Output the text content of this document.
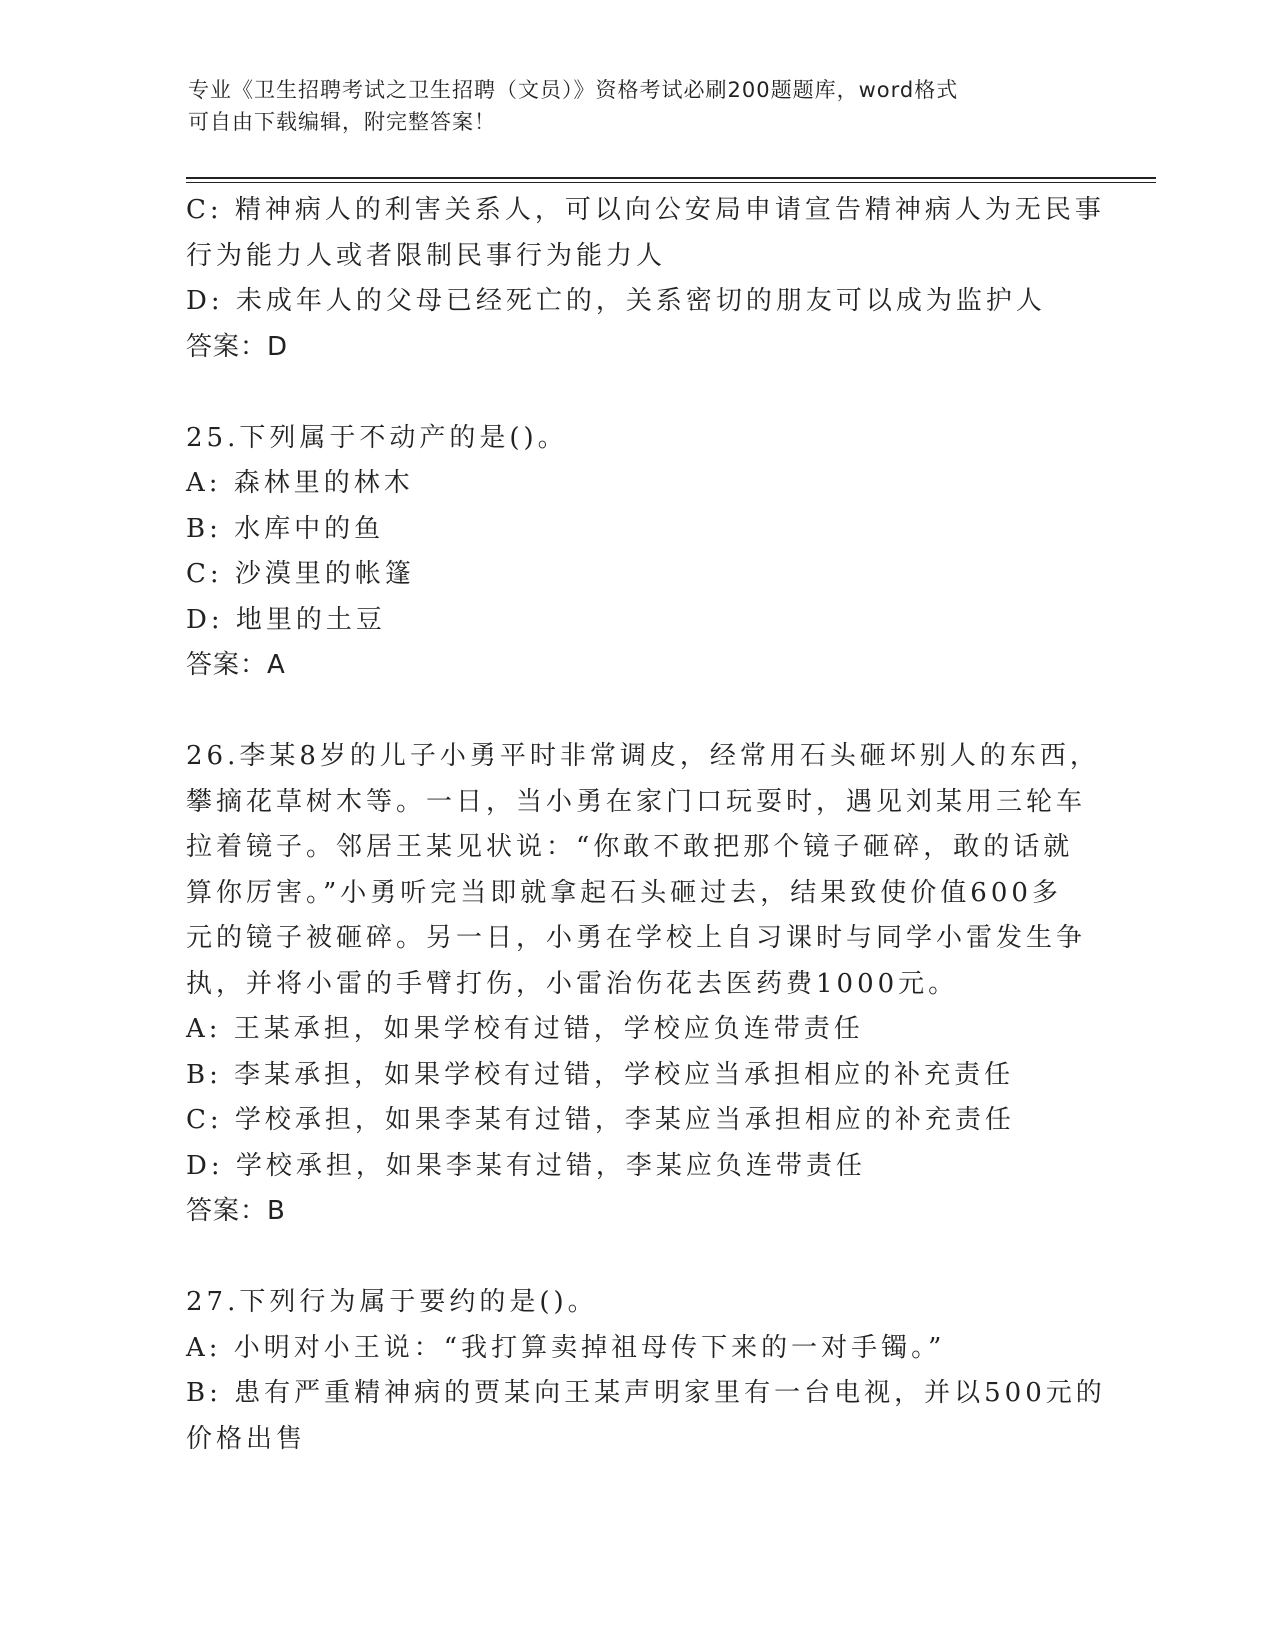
专业《卫生招聘考试之卫生招聘（文员）》资格考试必刷200题题库，word格式
可自由下载编辑，附完整答案！
C: 精神病人的利害关系人，可以向公安局申请宣告精神病人为无民事
行为能力人或者限制民事行为能力人
D: 未成年人的父母已经死亡的，关系密切的朋友可以成为监护人
答案：D
25.下列属于不动产的是()。
A: 森林里的林木
B: 水库中的鱼
C: 沙漠里的帐篷
D: 地里的土豆
答案：A
26.李某8岁的儿子小勇平时非常调皮，经常用石头砸坏别人的东西，
攀摘花草树木等。一日，当小勇在家门口玩耍时，遇见刘某用三轮车
拉着镜子。邻居王某见状说：“你敢不敢把那个镜子砸碎，敢的话就
算你厉害。”小勇听完当即就拿起石头砸过去，结果致使价值600多
元的镜子被砸碎。另一日，小勇在学校上自习课时与同学小雷发生争
执，并将小雷的手臂打伤，小雷治伤花去医药费1000元。
A: 王某承担，如果学校有过错，学校应负连带责任
B: 李某承担，如果学校有过错，学校应当承担相应的补充责任
C: 学校承担，如果李某有过错，李某应当承担相应的补充责任
D: 学校承担，如果李某有过错，李某应负连带责任
答案：B
27.下列行为属于要约的是()。
A: 小明对小王说：“我打算卖掉祖母传下来的一对手镯。”
B: 患有严重精神病的贾某向王某声明家里有一台电视，并以500元的
价格出售
